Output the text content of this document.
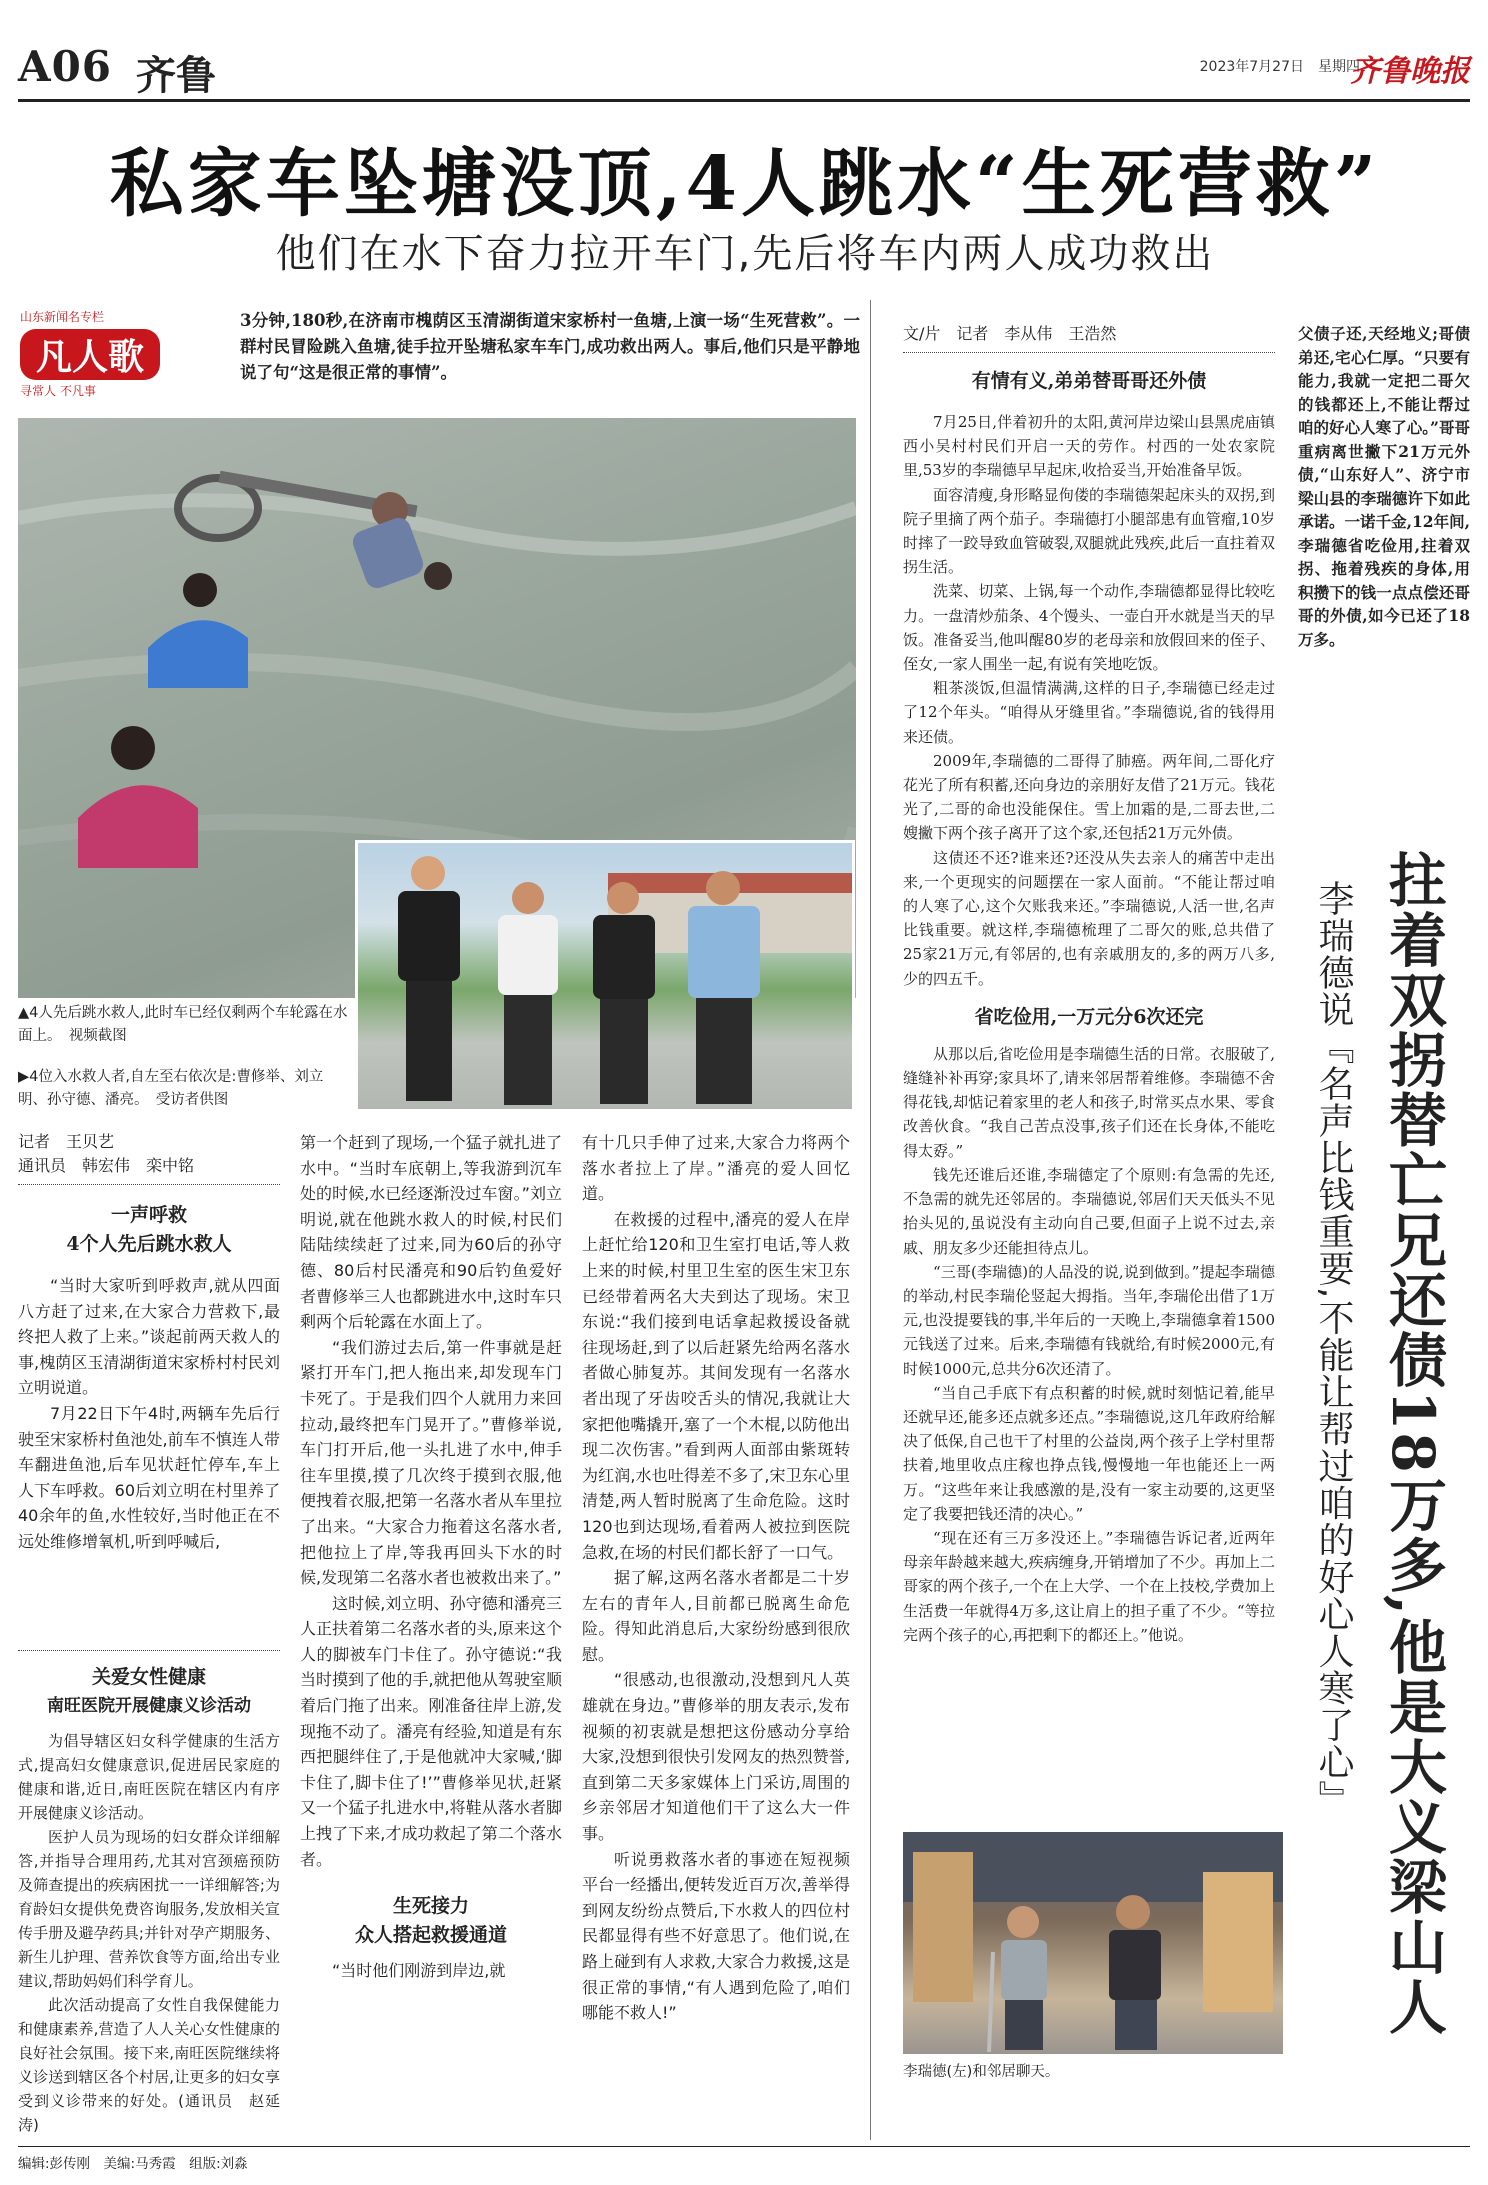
A06 齐鲁	2023年7月27日　星期四
齐鲁晚报
私家车坠塘没顶,4人跳水“生死营救”
他们在水下奋力拉开车门,先后将车内两人成功救出
山东新闻名专栏
凡人歌
寻常人 不凡事
3分钟,180秒,在济南市槐荫区玉清湖街道宋家桥村一鱼塘,上演一场“生死营救”。一群村民冒险跳入鱼塘,徒手拉开坠塘私家车车门,成功救出两人。事后,他们只是平静地说了句“这是很正常的事情”。
▲4人先后跳水救人,此时车已经仅剩两个车轮露在水面上。　视频截图
▶4位入水救人者,自左至右依次是:曹修举、刘立明、孙守德、潘亮。　受访者供图
记者　王贝艺
通讯员　韩宏伟　栾中铭
一声呼救
4个人先后跳水救人

“当时大家听到呼救声,就从四面八方赶了过来,在大家合力营救下,最终把人救了上来。”谈起前两天救人的事,槐荫区玉清湖街道宋家桥村村民刘立明说道。

7月22日下午4时,两辆车先后行驶至宋家桥村鱼池处,前车不慎连人带车翻进鱼池,后车见状赶忙停车,车上人下车呼救。60后刘立明在村里养了40余年的鱼,水性较好,当时他正在不远处维修增氧机,听到呼喊后,

关爱女性健康
南旺医院开展健康义诊活动

为倡导辖区妇女科学健康的生活方式,提高妇女健康意识,促进居民家庭的健康和谐,近日,南旺医院在辖区内有序开展健康义诊活动。

医护人员为现场的妇女群众详细解答,并指导合理用药,尤其对宫颈癌预防及筛查提出的疾病困扰一一详细解答;为育龄妇女提供免费咨询服务,发放相关宣传手册及避孕药具;并针对孕产期服务、新生儿护理、营养饮食等方面,给出专业建议,帮助妈妈们科学育儿。

此次活动提高了女性自我保健能力和健康素养,营造了人人关心女性健康的良好社会氛围。接下来,南旺医院继续将义诊送到辖区各个村居,让更多的妇女享受到义诊带来的好处。(通讯员　赵延涛)

第一个赶到了现场,一个猛子就扎进了水中。“当时车底朝上,等我游到沉车处的时候,水已经逐渐没过车窗。”刘立明说,就在他跳水救人的时候,村民们陆陆续续赶了过来,同为60后的孙守德、80后村民潘亮和90后钓鱼爱好者曹修举三人也都跳进水中,这时车只剩两个后轮露在水面上了。

“我们游过去后,第一件事就是赶紧打开车门,把人拖出来,却发现车门卡死了。于是我们四个人就用力来回拉动,最终把车门晃开了。”曹修举说,车门打开后,他一头扎进了水中,伸手往车里摸,摸了几次终于摸到衣服,他便拽着衣服,把第一名落水者从车里拉了出来。“大家合力拖着这名落水者,把他拉上了岸,等我再回头下水的时候,发现第二名落水者也被救出来了。”

这时候,刘立明、孙守德和潘亮三人正扶着第二名落水者的头,原来这个人的脚被车门卡住了。孙守德说:“我当时摸到了他的手,就把他从驾驶室顺着后门拖了出来。刚准备往岸上游,发现拖不动了。潘亮有经验,知道是有东西把腿绊住了,于是他就冲大家喊,‘脚卡住了,脚卡住了!’”曹修举见状,赶紧又一个猛子扎进水中,将鞋从落水者脚上拽了下来,才成功救起了第二个落水者。

生死接力
众人搭起救援通道

“当时他们刚游到岸边,就

有十几只手伸了过来,大家合力将两个落水者拉上了岸。”潘亮的爱人回忆道。

在救援的过程中,潘亮的爱人在岸上赶忙给120和卫生室打电话,等人救上来的时候,村里卫生室的医生宋卫东已经带着两名大夫到达了现场。宋卫东说:“我们接到电话拿起救援设备就往现场赶,到了以后赶紧先给两名落水者做心肺复苏。其间发现有一名落水者出现了牙齿咬舌头的情况,我就让大家把他嘴撬开,塞了一个木棍,以防他出现二次伤害。”看到两人面部由紫斑转为红润,水也吐得差不多了,宋卫东心里清楚,两人暂时脱离了生命危险。这时120也到达现场,看着两人被拉到医院急救,在场的村民们都长舒了一口气。

据了解,这两名落水者都是二十岁左右的青年人,目前都已脱离生命危险。得知此消息后,大家纷纷感到很欣慰。

“很感动,也很激动,没想到凡人英雄就在身边。”曹修举的朋友表示,发布视频的初衷就是想把这份感动分享给大家,没想到很快引发网友的热烈赞誉,直到第二天多家媒体上门采访,周围的乡亲邻居才知道他们干了这么大一件事。

听说勇救落水者的事迹在短视频平台一经播出,便转发近百万次,善举得到网友纷纷点赞后,下水救人的四位村民都显得有些不好意思了。他们说,在路上碰到有人求救,大家合力救援,这是很正常的事情,“有人遇到危险了,咱们哪能不救人!”

文/片　记者　李从伟　王浩然
有情有义,弟弟替哥哥还外债

7月25日,伴着初升的太阳,黄河岸边梁山县黑虎庙镇西小吴村村民们开启一天的劳作。村西的一处农家院里,53岁的李瑞德早早起床,收拾妥当,开始准备早饭。

面容清瘦,身形略显佝偻的李瑞德架起床头的双拐,到院子里摘了两个茄子。李瑞德打小腿部患有血管瘤,10岁时摔了一跤导致血管破裂,双腿就此残疾,此后一直拄着双拐生活。

洗菜、切菜、上锅,每一个动作,李瑞德都显得比较吃力。一盘清炒茄条、4个馒头、一壶白开水就是当天的早饭。准备妥当,他叫醒80岁的老母亲和放假回来的侄子、侄女,一家人围坐一起,有说有笑地吃饭。

粗茶淡饭,但温情满满,这样的日子,李瑞德已经走过了12个年头。“咱得从牙缝里省。”李瑞德说,省的钱得用来还债。

2009年,李瑞德的二哥得了肺癌。两年间,二哥化疗花光了所有积蓄,还向身边的亲朋好友借了21万元。钱花光了,二哥的命也没能保住。雪上加霜的是,二哥去世,二嫂撇下两个孩子离开了这个家,还包括21万元外债。

这债还不还?谁来还?还没从失去亲人的痛苦中走出来,一个更现实的问题摆在一家人面前。“不能让帮过咱的人寒了心,这个欠账我来还。”李瑞德说,人活一世,名声比钱重要。就这样,李瑞德梳理了二哥欠的账,总共借了25家21万元,有邻居的,也有亲戚朋友的,多的两万八多,少的四五千。

省吃俭用,一万元分6次还完

从那以后,省吃俭用是李瑞德生活的日常。衣服破了,缝缝补补再穿;家具坏了,请来邻居帮着维修。李瑞德不舍得花钱,却惦记着家里的老人和孩子,时常买点水果、零食改善伙食。“我自己苦点没事,孩子们还在长身体,不能吃得太孬。”

钱先还谁后还谁,李瑞德定了个原则:有急需的先还,不急需的就先还邻居的。李瑞德说,邻居们天天低头不见抬头见的,虽说没有主动向自己要,但面子上说不过去,亲戚、朋友多少还能担待点儿。

“三哥(李瑞德)的人品没的说,说到做到。”提起李瑞德的举动,村民李瑞伦竖起大拇指。当年,李瑞伦出借了1万元,也没提要钱的事,半年后的一天晚上,李瑞德拿着1500元钱送了过来。后来,李瑞德有钱就给,有时候2000元,有时候1000元,总共分6次还清了。

“当自己手底下有点积蓄的时候,就时刻惦记着,能早还就早还,能多还点就多还点。”李瑞德说,这几年政府给解决了低保,自己也干了村里的公益岗,两个孩子上学村里帮扶着,地里收点庄稼也挣点钱,慢慢地一年也能还上一两万。“这些年来让我感激的是,没有一家主动要的,这更坚定了我要把钱还清的决心。”

“现在还有三万多没还上。”李瑞德告诉记者,近两年母亲年龄越来越大,疾病缠身,开销增加了不少。再加上二哥家的两个孩子,一个在上大学、一个在上技校,学费加上生活费一年就得4万多,这让肩上的担子重了不少。“等拉完两个孩子的心,再把剩下的都还上。”他说。

父债子还,天经地义;哥债弟还,宅心仁厚。“只要有能力,我就一定把二哥欠的钱都还上,不能让帮过咱的好心人寒了心。”哥哥重病离世撇下21万元外债,“山东好人”、济宁市梁山县的李瑞德许下如此承诺。一诺千金,12年间,李瑞德省吃俭用,拄着双拐、拖着残疾的身体,用积攒下的钱一点点偿还哥哥的外债,如今已还了18万多。
拄着双拐替亡兄还债18万多,他是大义梁山人
李瑞德说『名声比钱重要,不能让帮过咱的好心人寒了心』
李瑞德(左)和邻居聊天。
编辑:彭传刚　美编:马秀霞　组版:刘淼
